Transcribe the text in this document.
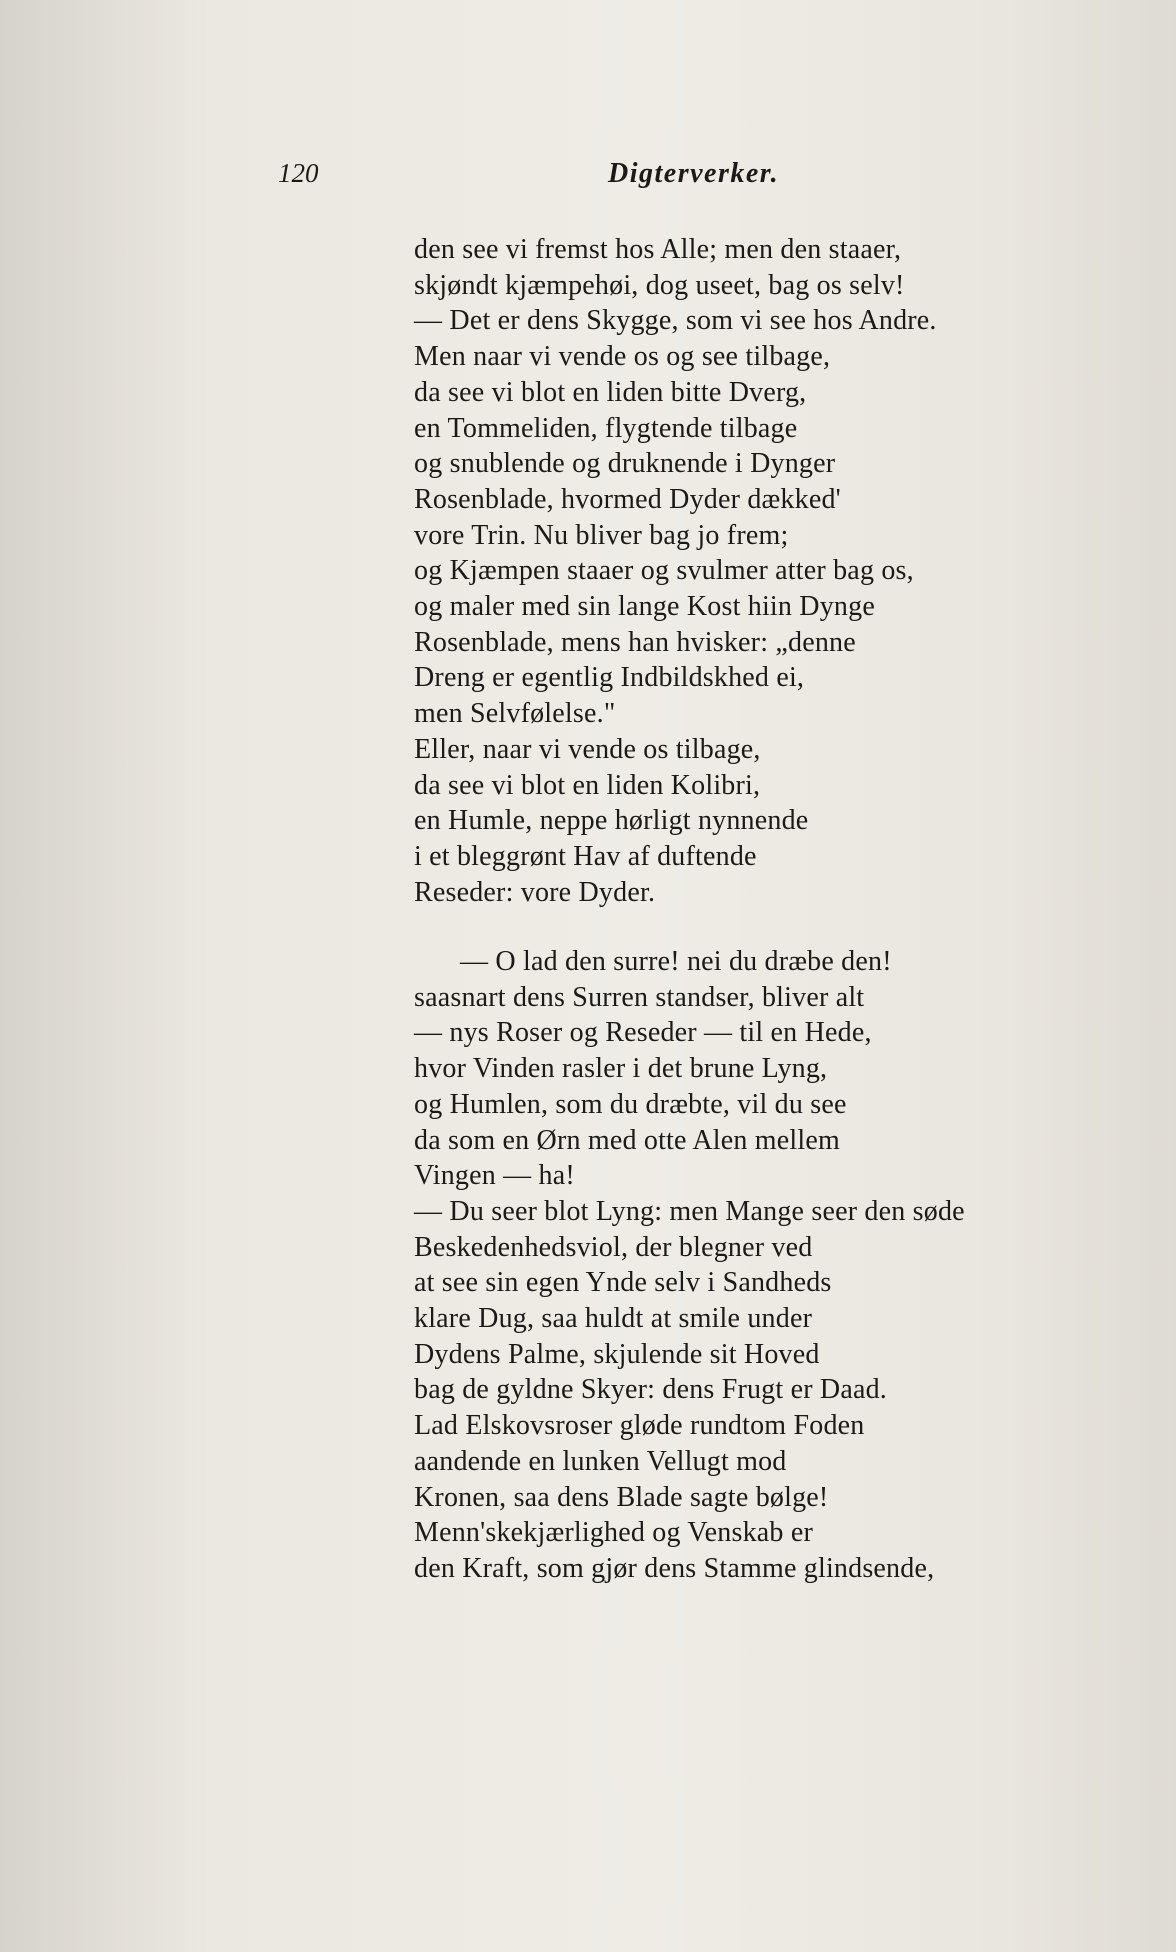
120	Digterverker.
den see vi fremst hos Alle; men den staaer,
skjøndt kjæmpehøi, dog useet, bag os selv!
— Det er dens Skygge, som vi see hos Andre.
Men naar vi vende os og see tilbage,
da see vi blot en liden bitte Dverg,
en Tommeliden, flygtende tilbage
og snublende og druknende i Dynger
Rosenblade, hvormed Dyder dækked'
vore Trin. Nu bliver bag jo frem;
og Kjæmpen staaer og svulmer atter bag os,
og maler med sin lange Kost hiin Dynge
Rosenblade, mens han hvisker: „denne
Dreng er egentlig Indbildskhed ei,
men Selvfølelse."
Eller, naar vi vende os tilbage,
da see vi blot en liden Kolibri,
en Humle, neppe hørligt nynnende
i et bleggrønt Hav af duftende
Reseder: vore Dyder.
— O lad den surre! nei du dræbe den!
saasnart dens Surren standser, bliver alt
— nys Roser og Reseder — til en Hede,
hvor Vinden rasler i det brune Lyng,
og Humlen, som du dræbte, vil du see
da som en Ørn med otte Alen mellem
Vingen — ha!
— Du seer blot Lyng: men Mange seer den søde
Beskedenhedsviol, der blegner ved
at see sin egen Ynde selv i Sandheds
klare Dug, saa huldt at smile under
Dydens Palme, skjulende sit Hoved
bag de gyldne Skyer: dens Frugt er Daad.
Lad Elskovsroser gløde rundtom Foden
aandende en lunken Vellugt mod
Kronen, saa dens Blade sagte bølge!
Menn'skekjærlighed og Venskab er
den Kraft, som gjør dens Stamme glindsende,
